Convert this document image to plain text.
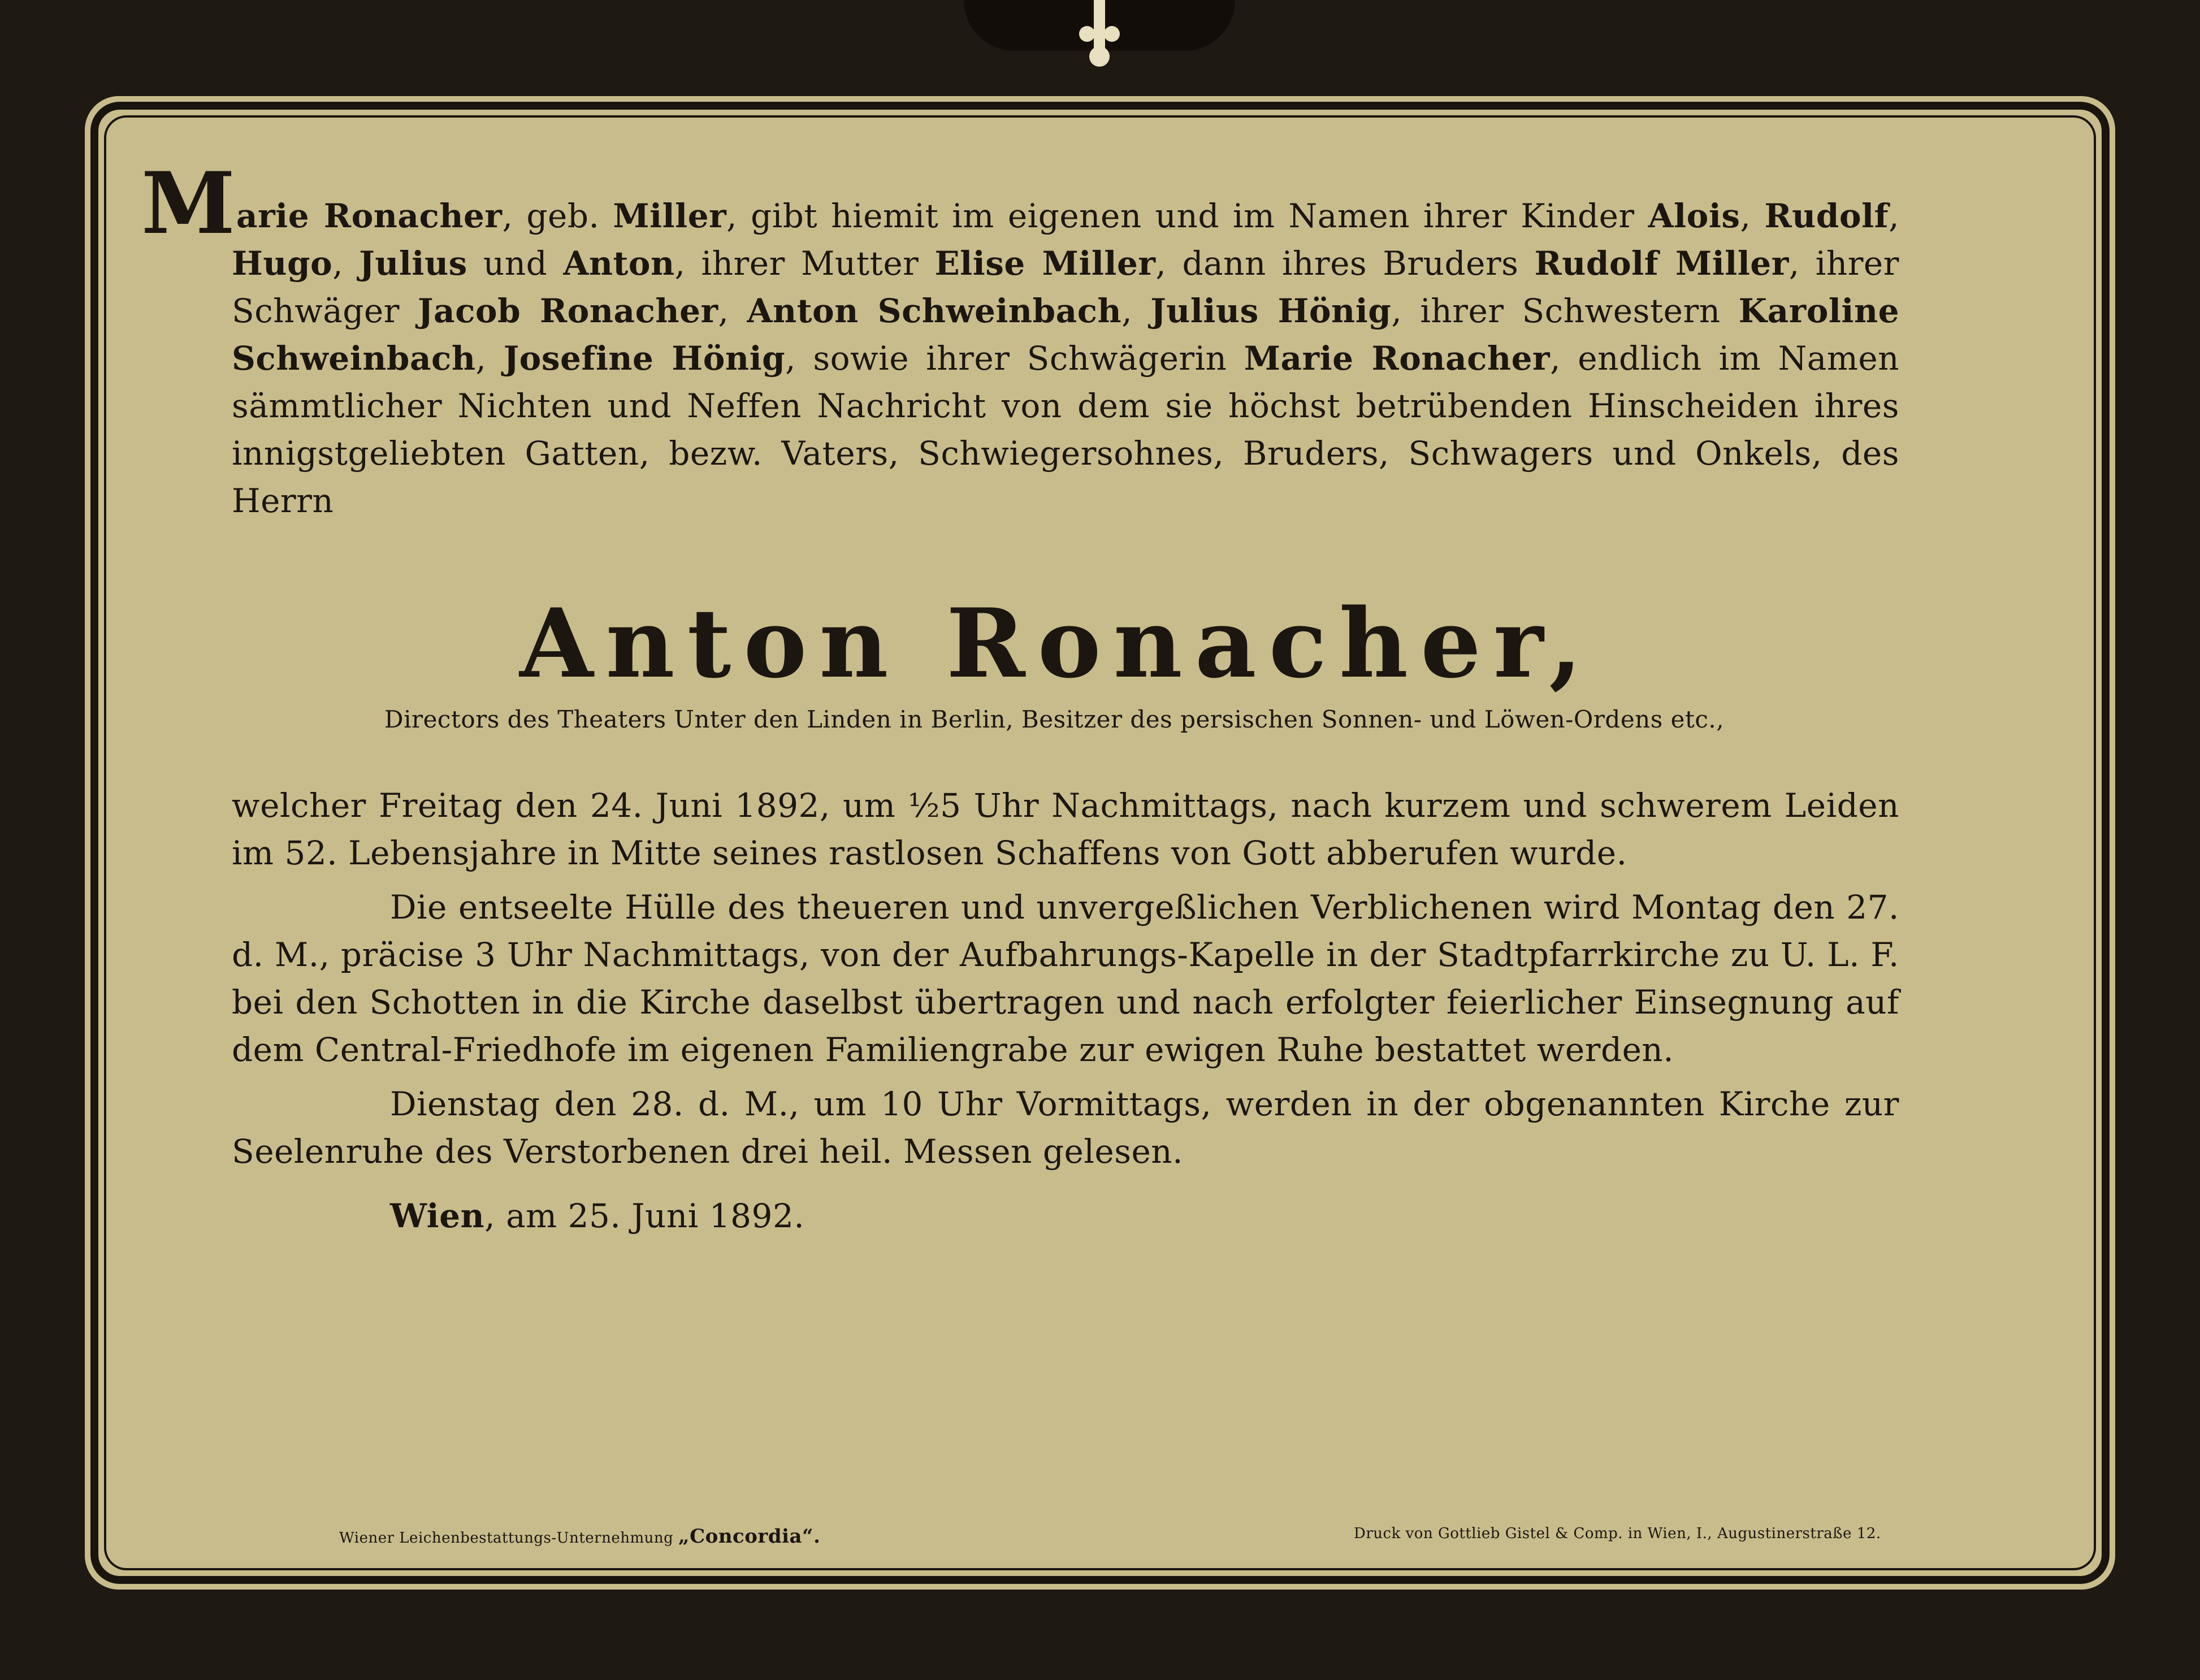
Marie Ronacher, geb. Miller, gibt hiemit im eigenen und im Namen ihrer Kinder Alois, Rudolf, Hugo, Julius und Anton, ihrer Mutter Elise Miller, dann ihres Bruders Rudolf Miller, ihrer Schwäger Jacob Ronacher, Anton Schweinbach, Julius Hönig, ihrer Schwestern Karoline Schweinbach, Josefine Hönig, sowie ihrer Schwägerin Marie Ronacher, endlich im Namen sämmtlicher Nichten und Neffen Nachricht von dem sie höchst betrübenden Hinscheiden ihres innigstgeliebten Gatten, bezw. Vaters, Schwiegersohnes, Bruders, Schwagers und Onkels, des Herrn

Anton Ronacher,

Directors des Theaters Unter den Linden in Berlin, Besitzer des persischen Sonnen- und Löwen-Ordens etc.,

welcher Freitag den 24. Juni 1892, um ½5 Uhr Nachmittags, nach kurzem und schwerem Leiden im 52. Lebensjahre in Mitte seines rastlosen Schaffens von Gott abberufen wurde.

Die entseelte Hülle des theueren und unvergeßlichen Verblichenen wird Montag den 27. d. M., präcise 3 Uhr Nachmittags, von der Aufbahrungs-Kapelle in der Stadtpfarrkirche zu U. L. F. bei den Schotten in die Kirche daselbst übertragen und nach erfolgter feierlicher Einsegnung auf dem Central-Friedhofe im eigenen Familiengrabe zur ewigen Ruhe bestattet werden.

Dienstag den 28. d. M., um 10 Uhr Vormittags, werden in der obgenannten Kirche zur Seelenruhe des Verstorbenen drei heil. Messen gelesen.

Wien, am 25. Juni 1892.

Wiener Leichenbestattungs-Unternehmung „Concordia“.	Druck von Gottlieb Gistel & Comp. in Wien, I., Augustinerstraße 12.
